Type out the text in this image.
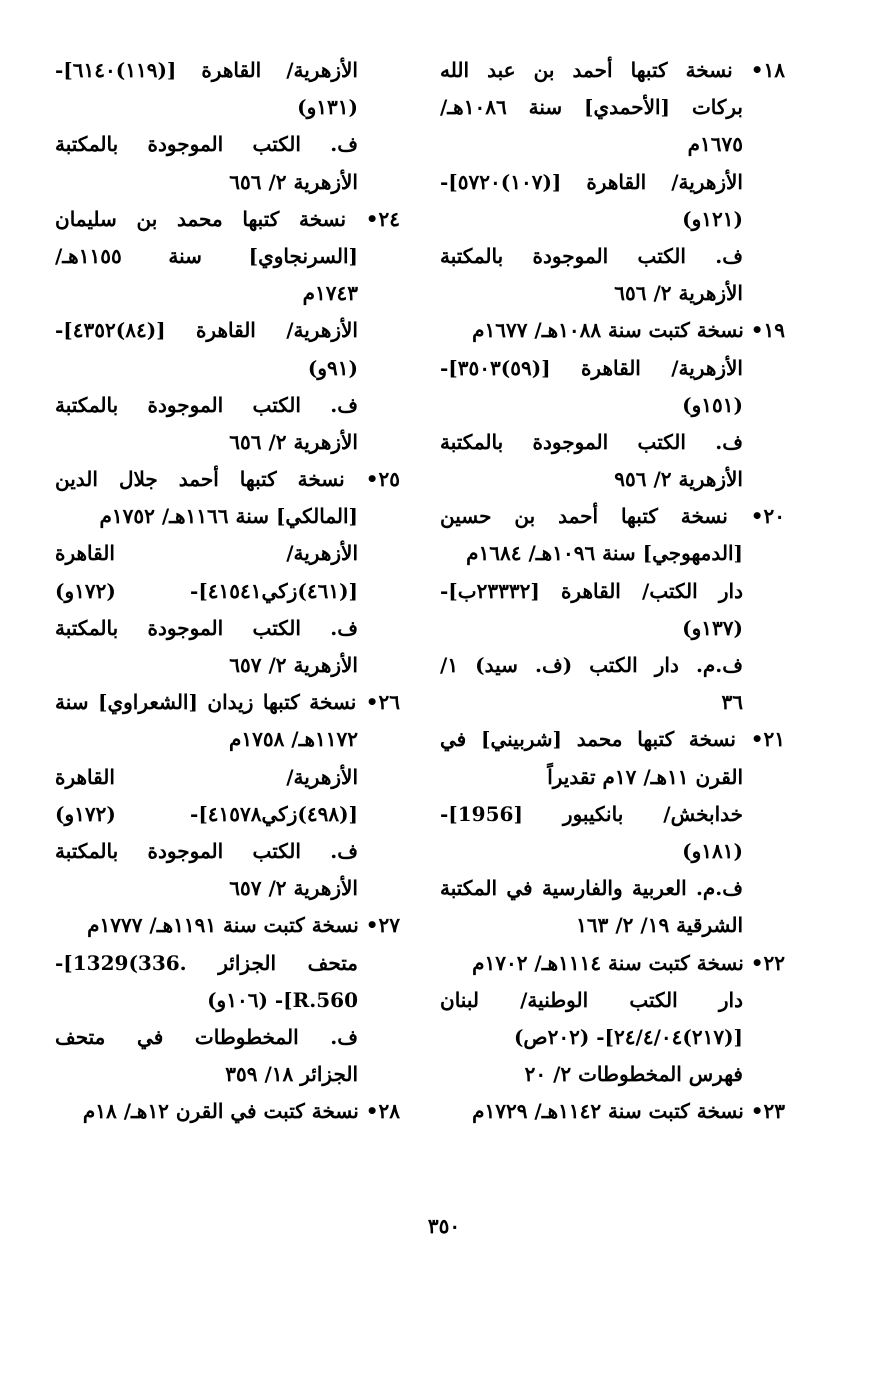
١٨• نسخة كتبها أحمد بن عبد الله
بركات [الأحمدي] سنة ١٠٨٦هـ/
١٦٧٥م
الأزهرية/ القاهرة [(١٠٧)٥٧٢٠]-
(١٢١و)
ف. الكتب الموجودة بالمكتبة
الأزهرية ٢/ ٦٥٦
١٩• نسخة كتبت سنة ١٠٨٨هـ/ ١٦٧٧م
الأزهرية/ القاهرة [(٥٩)٣٥٠٣]-
(١٥١و)
ف. الكتب الموجودة بالمكتبة
الأزهرية ٢/ ٩٥٦
٢٠• نسخة كتبها أحمد بن حسين
[الدمهوجي] سنة ١٠٩٦هـ/ ١٦٨٤م
دار الكتب/ القاهرة [٢٣٣٣٢ب]-
(١٣٧و)
ف.م. دار الكتب (ف. سيد) ١/
٣٦
٢١• نسخة كتبها محمد [شربيني] في
القرن ١١هـ/ ١٧م تقديراً
خدابخش/ بانكيبور [1956]-
(١٨١و)
ف.م. العربية والفارسية في المكتبة
الشرقية ١٩/ ٢/ ١٦٣
٢٢• نسخة كتبت سنة ١١١٤هـ/ ١٧٠٢م
دار الكتب الوطنية/ لبنان
[(٢١٧)٢٤/٤/٠٤]- (٢٠٢ص)
فهرس المخطوطات ٢/ ٢٠
٢٣• نسخة كتبت سنة ١١٤٢هـ/ ١٧٢٩م
الأزهرية/ القاهرة [(١١٩)٦١٤٠]-
(١٣١و)
ف. الكتب الموجودة بالمكتبة
الأزهرية ٢/ ٦٥٦
٢٤• نسخة كتبها محمد بن سليمان
[السرنجاوي] سنة ١١٥٥هـ/
١٧٤٣م
الأزهرية/ القاهرة [(٨٤)٤٣٥٢]-
(٩١و)
ف. الكتب الموجودة بالمكتبة
الأزهرية ٢/ ٦٥٦
٢٥• نسخة كتبها أحمد جلال الدين
[المالكي] سنة ١١٦٦هـ/ ١٧٥٢م
الأزهرية/ القاهرة
[(٤٦١)زكي٤١٥٤١]- (١٧٢و)
ف. الكتب الموجودة بالمكتبة
الأزهرية ٢/ ٦٥٧
٢٦• نسخة كتبها زيدان [الشعراوي] سنة
١١٧٢هـ/ ١٧٥٨م
الأزهرية/ القاهرة
[(٤٩٨)زكي٤١٥٧٨]- (١٧٢و)
ف. الكتب الموجودة بالمكتبة
الأزهرية ٢/ ٦٥٧
٢٧• نسخة كتبت سنة ١١٩١هـ/ ١٧٧٧م
متحف الجزائر .336)1329]-
R.560]- (١٠٦و)
ف. المخطوطات في متحف
الجزائر ١٨/ ٣٥٩
٢٨• نسخة كتبت في القرن ١٢هـ/ ١٨م
٣٥٠
